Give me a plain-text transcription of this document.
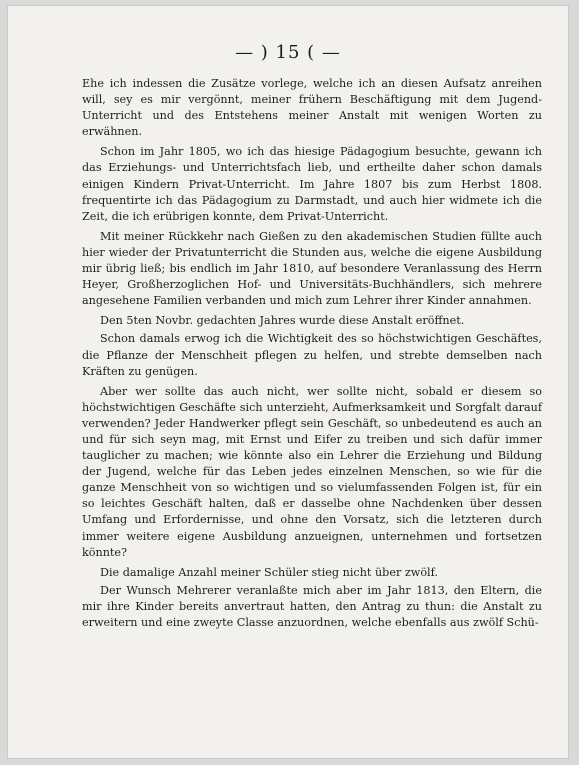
— ) 15 ( —

Ehe ich indessen die Zusätze vorlege, welche ich an diesen Aufsatz anreihen will, sey es mir vergönnt, meiner frühern Beschäftigung mit dem Jugend-Unterricht und des Entstehens meiner Anstalt mit wenigen Worten zu erwähnen.

Schon im Jahr 1805, wo ich das hiesige Pädagogium besuchte, gewann ich das Erziehungs- und Unterrichtsfach lieb, und ertheilte daher schon damals einigen Kindern Privat-Unterricht. Im Jahre 1807 bis zum Herbst 1808. frequentirte ich das Pädagogium zu Darmstadt, und auch hier widmete ich die Zeit, die ich erübrigen konnte, dem Privat-Unterricht.

Mit meiner Rückkehr nach Gießen zu den akademischen Studien füllte auch hier wieder der Privatunterricht die Stunden aus, welche die eigene Ausbildung mir übrig ließ; bis endlich im Jahr 1810, auf besondere Veranlassung des Herrn Heyer, Großherzoglichen Hof- und Universitäts-Buchhändlers, sich mehrere angesehene Familien verbanden und mich zum Lehrer ihrer Kinder annahmen.

Den 5ten Novbr. gedachten Jahres wurde diese Anstalt eröffnet.

Schon damals erwog ich die Wichtigkeit des so höchstwichtigen Geschäftes, die Pflanze der Menschheit pflegen zu helfen, und strebte demselben nach Kräften zu genügen.

Aber wer sollte das auch nicht, wer sollte nicht, sobald er diesem so höchstwichtigen Geschäfte sich unterzieht, Aufmerksamkeit und Sorgfalt darauf verwenden? Jeder Handwerker pflegt sein Geschäft, so unbedeutend es auch an und für sich seyn mag, mit Ernst und Eifer zu treiben und sich dafür immer tauglicher zu machen; wie könnte also ein Lehrer die Erziehung und Bildung der Jugend, welche für das Leben jedes einzelnen Menschen, so wie für die ganze Menschheit von so wichtigen und so vielumfassenden Folgen ist, für ein so leichtes Geschäft halten, daß er dasselbe ohne Nachdenken über dessen Umfang und Erfordernisse, und ohne den Vorsatz, sich die letzteren durch immer weitere eigene Ausbildung anzueignen, unternehmen und fortsetzen könnte?

Die damalige Anzahl meiner Schüler stieg nicht über zwölf.

Der Wunsch Mehrerer veranlaßte mich aber im Jahr 1813, den Eltern, die mir ihre Kinder bereits anvertraut hatten, den Antrag zu thun: die Anstalt zu erweitern und eine zweyte Classe anzuordnen, welche ebenfalls aus zwölf Schü-
